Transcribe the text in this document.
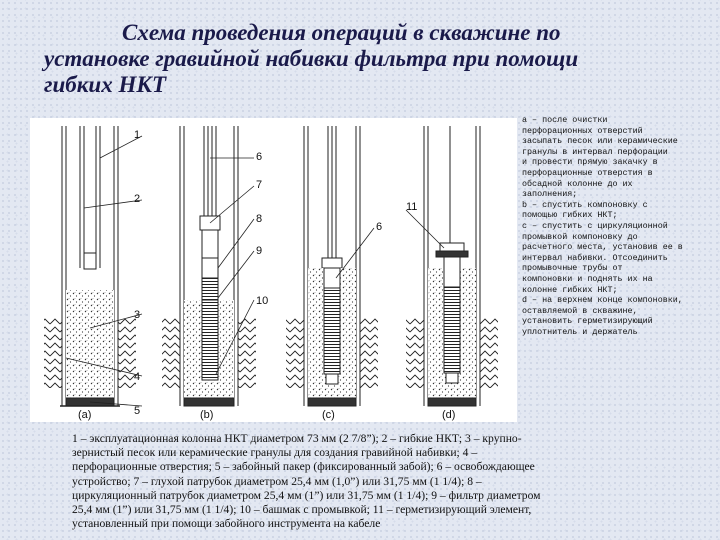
Схема проведения операций в скважине по
установке гравийной набивки фильтра при помощи
гибких НКТ
1
2
3
4
5
6
7
8
9
10
6
11
(a)	(b)	(c)	(d)
a – после очистки
перфорационных отверстий
засыпать песок или керамические
гранулы в интервал перфорации
и провести прямую закачку в
перфорационные отверстия в
обсадной колонне до их
заполнения;
b – спустить компоновку с
помощью гибких НКТ;
c – спустить с циркуляционной
промывкой компоновку до
расчетного места, установив ее в
интервал набивки. Отсоединить
промывочные трубы от
компоновки и поднять их на
колонне гибких НКТ;
d – на верхнем конце компоновки,
оставляемой в скважине,
установить герметизирующий
уплотнитель и держатель
1 – эксплуатационная колонна НКТ диаметром 73 мм (2 7/8”); 2 – гибкие НКТ; 3 – крупно-
зернистый песок или керамические гранулы для создания гравийной набивки; 4 –
перфорационные отверстия; 5 – забойный пакер (фиксированный забой); 6 – освобождающее
устройство; 7 – глухой патрубок диаметром 25,4 мм (1,0”) или 31,75 мм (1 1/4); 8 –
циркуляционный патрубок диаметром 25,4 мм (1”) или 31,75 мм (1 1/4); 9 – фильтр диаметром
25,4 мм (1”) или 31,75 мм (1 1/4); 10 – башмак с промывкой; 11 – герметизирующий элемент,
установленный при помощи забойного инструмента на кабеле
